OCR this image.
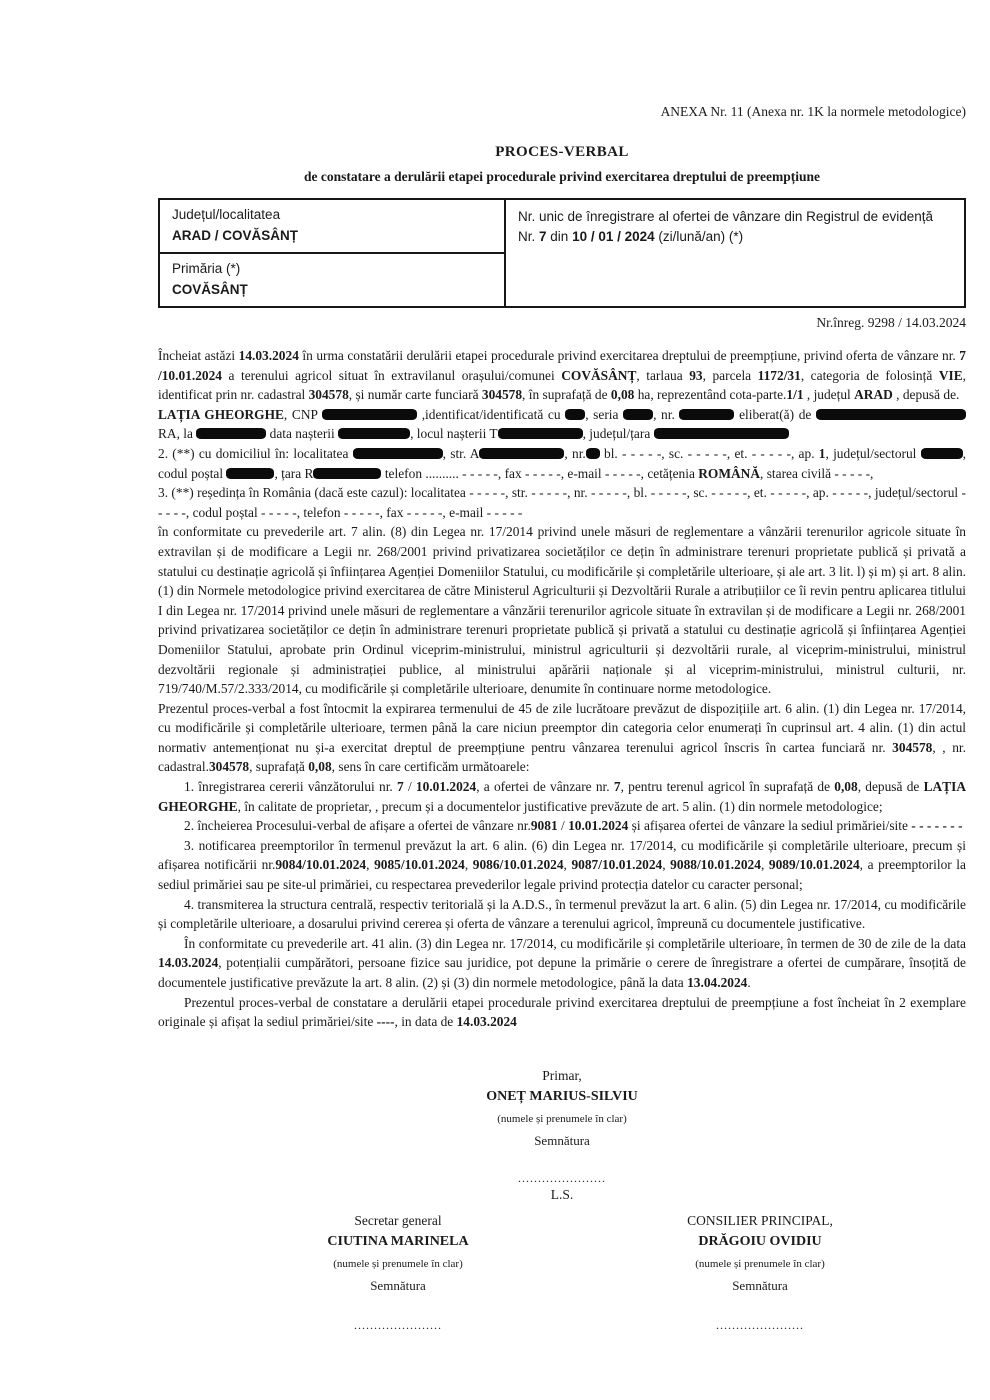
ANEXA Nr. 11 (Anexa nr. 1K la normele metodologice)
PROCES-VERBAL
de constatare a derulării etapei procedurale privind exercitarea dreptului de preempțiune
Județul/localitatea
ARAD / COVĂSÂNȚ

Nr. unic de înregistrare al ofertei de vânzare din Registrul de evidență
Nr. 7 din 10 / 01 / 2024 (zi/lună/an) (*)

Primăria (*)
COVĂSÂNȚ
Nr.înreg. 9298 / 14.03.2024

Încheiat astăzi 14.03.2024 în urma constatării derulării etapei procedurale privind exercitarea dreptului de preempțiune, privind oferta de vânzare nr. 7 /10.01.2024 a terenului agricol situat în extravilanul orașului/comunei COVĂSÂNȚ, tarlaua 93, parcela 1172/31, categoria de folosință VIE, identificat prin nr. cadastral 304578, și număr carte funciară 304578, în suprafață de 0,08 ha, reprezentând cota-parte.1/1 , județul ARAD , depusă de.

LAȚIA GHEORGHE, CNP	,identificat/identificată cu , seria , nr.	eliberat(ă) de RA, la	data nașterii	, locul nașterii T	, județul/țara

2. (**) cu domiciliul în: localitatea	, str. A	, nr. bl. - - - - -, sc. - - - - -, et. - - - - -, ap. 1, județul/sectorul	, codul poștal	, țara R	telefon .......... - - - - -, fax - - - - -, e-mail - - - - -, cetățenia ROMÂNĂ, starea civilă - - - - -,

3. (**) reședința în România (dacă este cazul): localitatea - - - - -, str. - - - - -, nr. - - - - -, bl. - - - - -, sc. - - - - -, et. - - - - -, ap. - - - - -, județul/sectorul - - - - -, codul poștal - - - - -, telefon - - - - -, fax - - - - -, e-mail - - - - -

în conformitate cu prevederile art. 7 alin. (8) din Legea nr. 17/2014 privind unele măsuri de reglementare a vânzării terenurilor agricole situate în extravilan și de modificare a Legii nr. 268/2001 privind privatizarea societăților ce dețin în administrare terenuri proprietate publică și privată a statului cu destinație agricolă și înființarea Agenției Domeniilor Statului, cu modificările și completările ulterioare, și ale art. 3 lit. l) și m) și art. 8 alin. (1) din Normele metodologice privind exercitarea de către Ministerul Agriculturii și Dezvoltării Rurale a atribuțiilor ce îi revin pentru aplicarea titlului I din Legea nr. 17/2014 privind unele măsuri de reglementare a vânzării terenurilor agricole situate în extravilan și de modificare a Legii nr. 268/2001 privind privatizarea societăților ce dețin în administrare terenuri proprietate publică și privată a statului cu destinație agricolă și înființarea Agenției Domeniilor Statului, aprobate prin Ordinul viceprim-ministrului, ministrul agriculturii și dezvoltării rurale, al viceprim-ministrului, ministrul dezvoltării regionale și administrației publice, al ministrului apărării naționale și al viceprim-ministrului, ministrul culturii, nr. 719/740/M.57/2.333/2014, cu modificările și completările ulterioare, denumite în continuare norme metodologice.

Prezentul proces-verbal a fost întocmit la expirarea termenului de 45 de zile lucrătoare prevăzut de dispozițiile art. 6 alin. (1) din Legea nr. 17/2014, cu modificările și completările ulterioare, termen până la care niciun preemptor din categoria celor enumerați în cuprinsul art. 4 alin. (1) din actul normativ antemenționat nu și-a exercitat dreptul de preempțiune pentru vânzarea terenului agricol înscris în cartea funciară nr. 304578, , nr. cadastral.304578, suprafață 0,08, sens în care certificăm următoarele:

1. înregistrarea cererii vânzătorului nr. 7 / 10.01.2024, a ofertei de vânzare nr. 7, pentru terenul agricol în suprafață de 0,08, depusă de LAȚIA GHEORGHE, în calitate de proprietar, , precum și a documentelor justificative prevăzute de art. 5 alin. (1) din normele metodologice;

2. încheierea Procesului-verbal de afișare a ofertei de vânzare nr.9081 / 10.01.2024 și afișarea ofertei de vânzare la sediul primăriei/site - - - - - - -

3. notificarea preemptorilor în termenul prevăzut la art. 6 alin. (6) din Legea nr. 17/2014, cu modificările și completările ulterioare, precum și afișarea notificării nr.9084/10.01.2024, 9085/10.01.2024, 9086/10.01.2024, 9087/10.01.2024, 9088/10.01.2024, 9089/10.01.2024, a preemptorilor la sediul primăriei sau pe site-ul primăriei, cu respectarea prevederilor legale privind protecția datelor cu caracter personal;

4. transmiterea la structura centrală, respectiv teritorială și la A.D.S., în termenul prevăzut la art. 6 alin. (5) din Legea nr. 17/2014, cu modificările și completările ulterioare, a dosarului privind cererea și oferta de vânzare a terenului agricol, împreună cu documentele justificative.

În conformitate cu prevederile art. 41 alin. (3) din Legea nr. 17/2014, cu modificările și completările ulterioare, în termen de 30 de zile de la data 14.03.2024, potențialii cumpărători, persoane fizice sau juridice, pot depune la primărie o cerere de înregistrare a ofertei de cumpărare, însoțită de documentele justificative prevăzute la art. 8 alin. (2) și (3) din normele metodologice, până la data 13.04.2024.

Prezentul proces-verbal de constatare a derulării etapei procedurale privind exercitarea dreptului de preempțiune a fost încheiat în 2 exemplare originale și afișat la sediul primăriei/site ----, in data de 14.03.2024

Primar,
ONEȚ MARIUS-SILVIU
(numele și prenumele în clar)
Semnătura
......................
L.S.
Secretar general
CIUTINA MARINELA
(numele și prenumele în clar)
Semnătura
......................
CONSILIER PRINCIPAL,
DRĂGOIU OVIDIU
(numele și prenumele în clar)
Semnătura
......................
